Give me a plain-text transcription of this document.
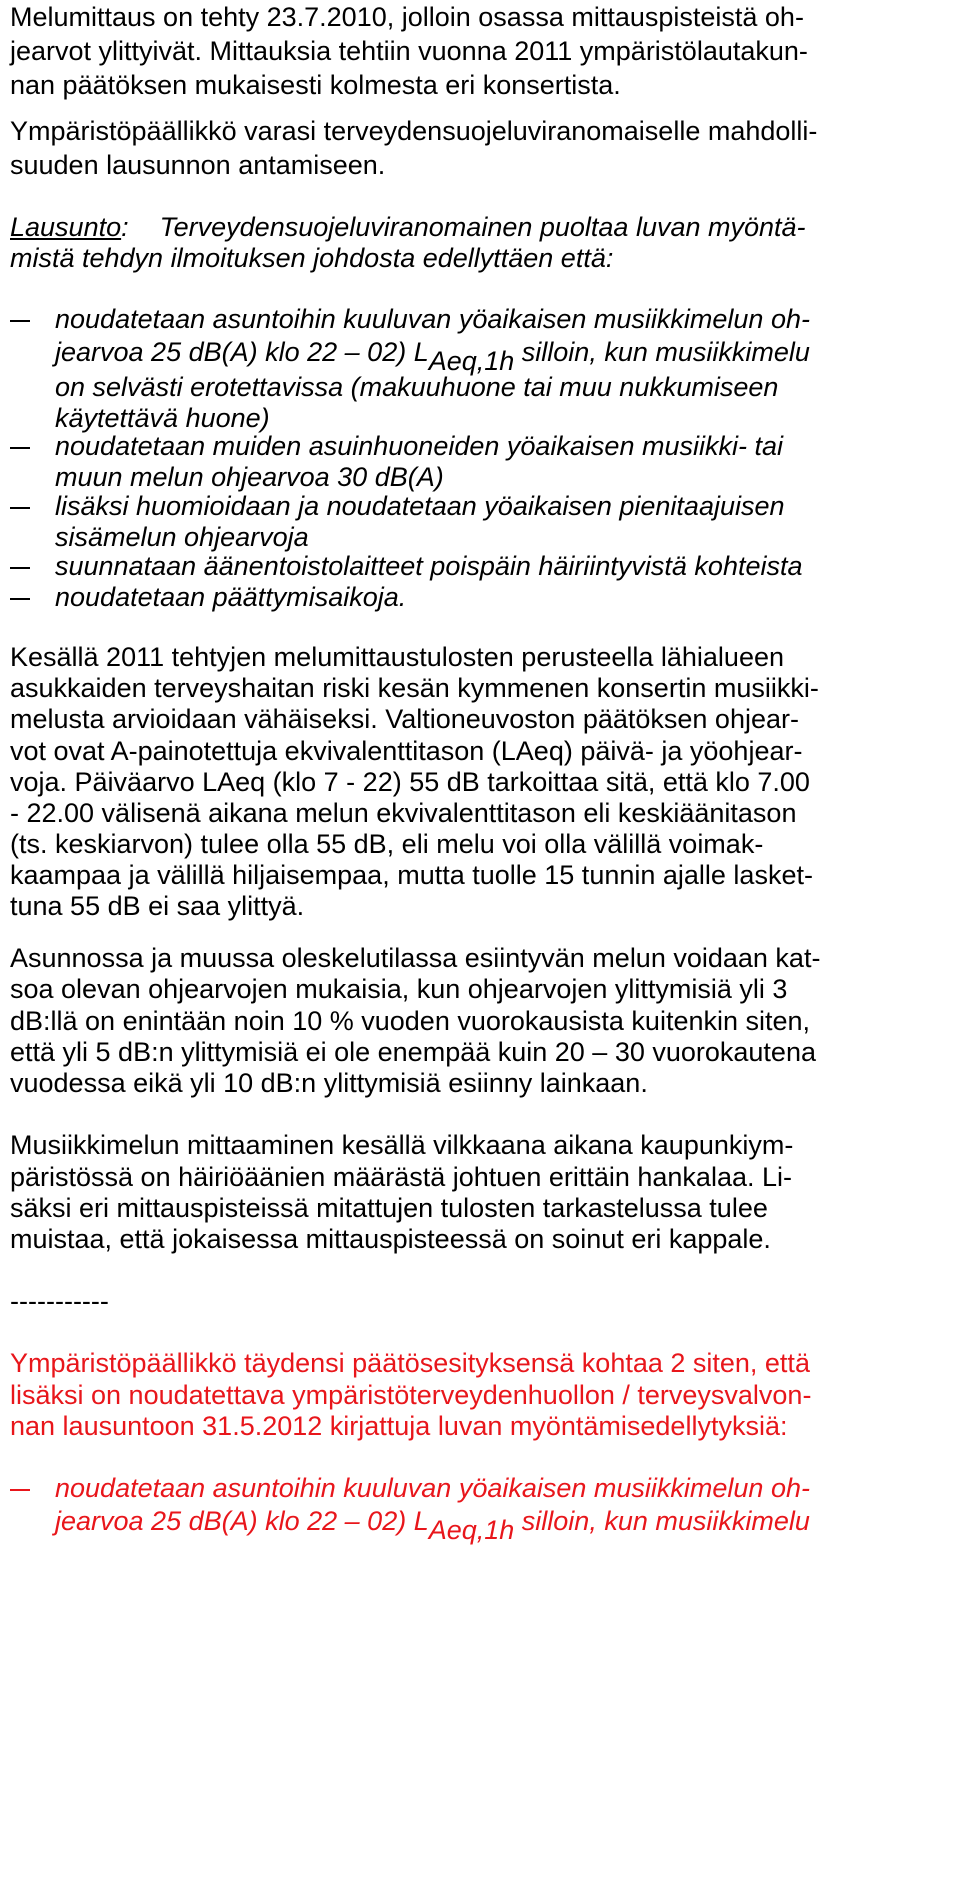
Melumittaus on tehty 23.7.2010, jolloin osassa mittauspisteistä oh-
jearvot ylittyivät. Mittauksia tehtiin vuonna 2011 ympäristölautakun-
nan päätöksen mukaisesti kolmesta eri konsertista.
Ympäristöpäällikkö varasi terveydensuojeluviranomaiselle mahdolli-
suuden lausunnon antamiseen.
Lausunto: Terveydensuojeluviranomainen puoltaa luvan myöntä-
mistä tehdyn ilmoituksen johdosta edellyttäen että:
noudatetaan asuntoihin kuuluvan yöaikaisen musiikkimelun oh-
jearvoa 25 dB(A) klo 22 – 02) LAeq,1h silloin, kun musiikkimelu
on selvästi erotettavissa (makuuhuone tai muu nukkumiseen
käytettävä huone)
noudatetaan muiden asuinhuoneiden yöaikaisen musiikki- tai
muun melun ohjearvoa 30 dB(A)
lisäksi huomioidaan ja noudatetaan yöaikaisen pienitaajuisen
sisämelun ohjearvoja
suunnataan äänentoistolaitteet poispäin häiriintyvistä kohteista
noudatetaan päättymisaikoja.
Kesällä 2011 tehtyjen melumittaustulosten perusteella lähialueen
asukkaiden terveyshaitan riski kesän kymmenen konsertin musiikki-
melusta arvioidaan vähäiseksi. Valtioneuvoston päätöksen ohjear-
vot ovat A-painotettuja ekvivalenttitason (LAeq) päivä- ja yöohjear-
voja. Päiväarvo LAeq (klo 7 - 22) 55 dB tarkoittaa sitä, että klo 7.00
- 22.00 välisenä aikana melun ekvivalenttitason eli keskiäänitason
(ts. keskiarvon) tulee olla 55 dB, eli melu voi olla välillä voimak-
kaampaa ja välillä hiljaisempaa, mutta tuolle 15 tunnin ajalle lasket-
tuna 55 dB ei saa ylittyä.
Asunnossa ja muussa oleskelutilassa esiintyvän melun voidaan kat-
soa olevan ohjearvojen mukaisia, kun ohjearvojen ylittymisiä yli 3
dB:llä on enintään noin 10 % vuoden vuorokausista kuitenkin siten,
että yli 5 dB:n ylittymisiä ei ole enempää kuin 20 – 30 vuorokautena
vuodessa eikä yli 10 dB:n ylittymisiä esiinny lainkaan.
Musiikkimelun mittaaminen kesällä vilkkaana aikana kaupunkiym-
päristössä on häiriöäänien määrästä johtuen erittäin hankalaa. Li-
säksi eri mittauspisteissä mitattujen tulosten tarkastelussa tulee
muistaa, että jokaisessa mittauspisteessä on soinut eri kappale.
-----------
Ympäristöpäällikkö täydensi päätösesityksensä kohtaa 2 siten, että
lisäksi on noudatettava ympäristöterveydenhuollon / terveysvalvon-
nan lausuntoon 31.5.2012 kirjattuja luvan myöntämisedellytyksiä:
noudatetaan asuntoihin kuuluvan yöaikaisen musiikkimelun oh-
jearvoa 25 dB(A) klo 22 – 02) LAeq,1h silloin, kun musiikkimelu
